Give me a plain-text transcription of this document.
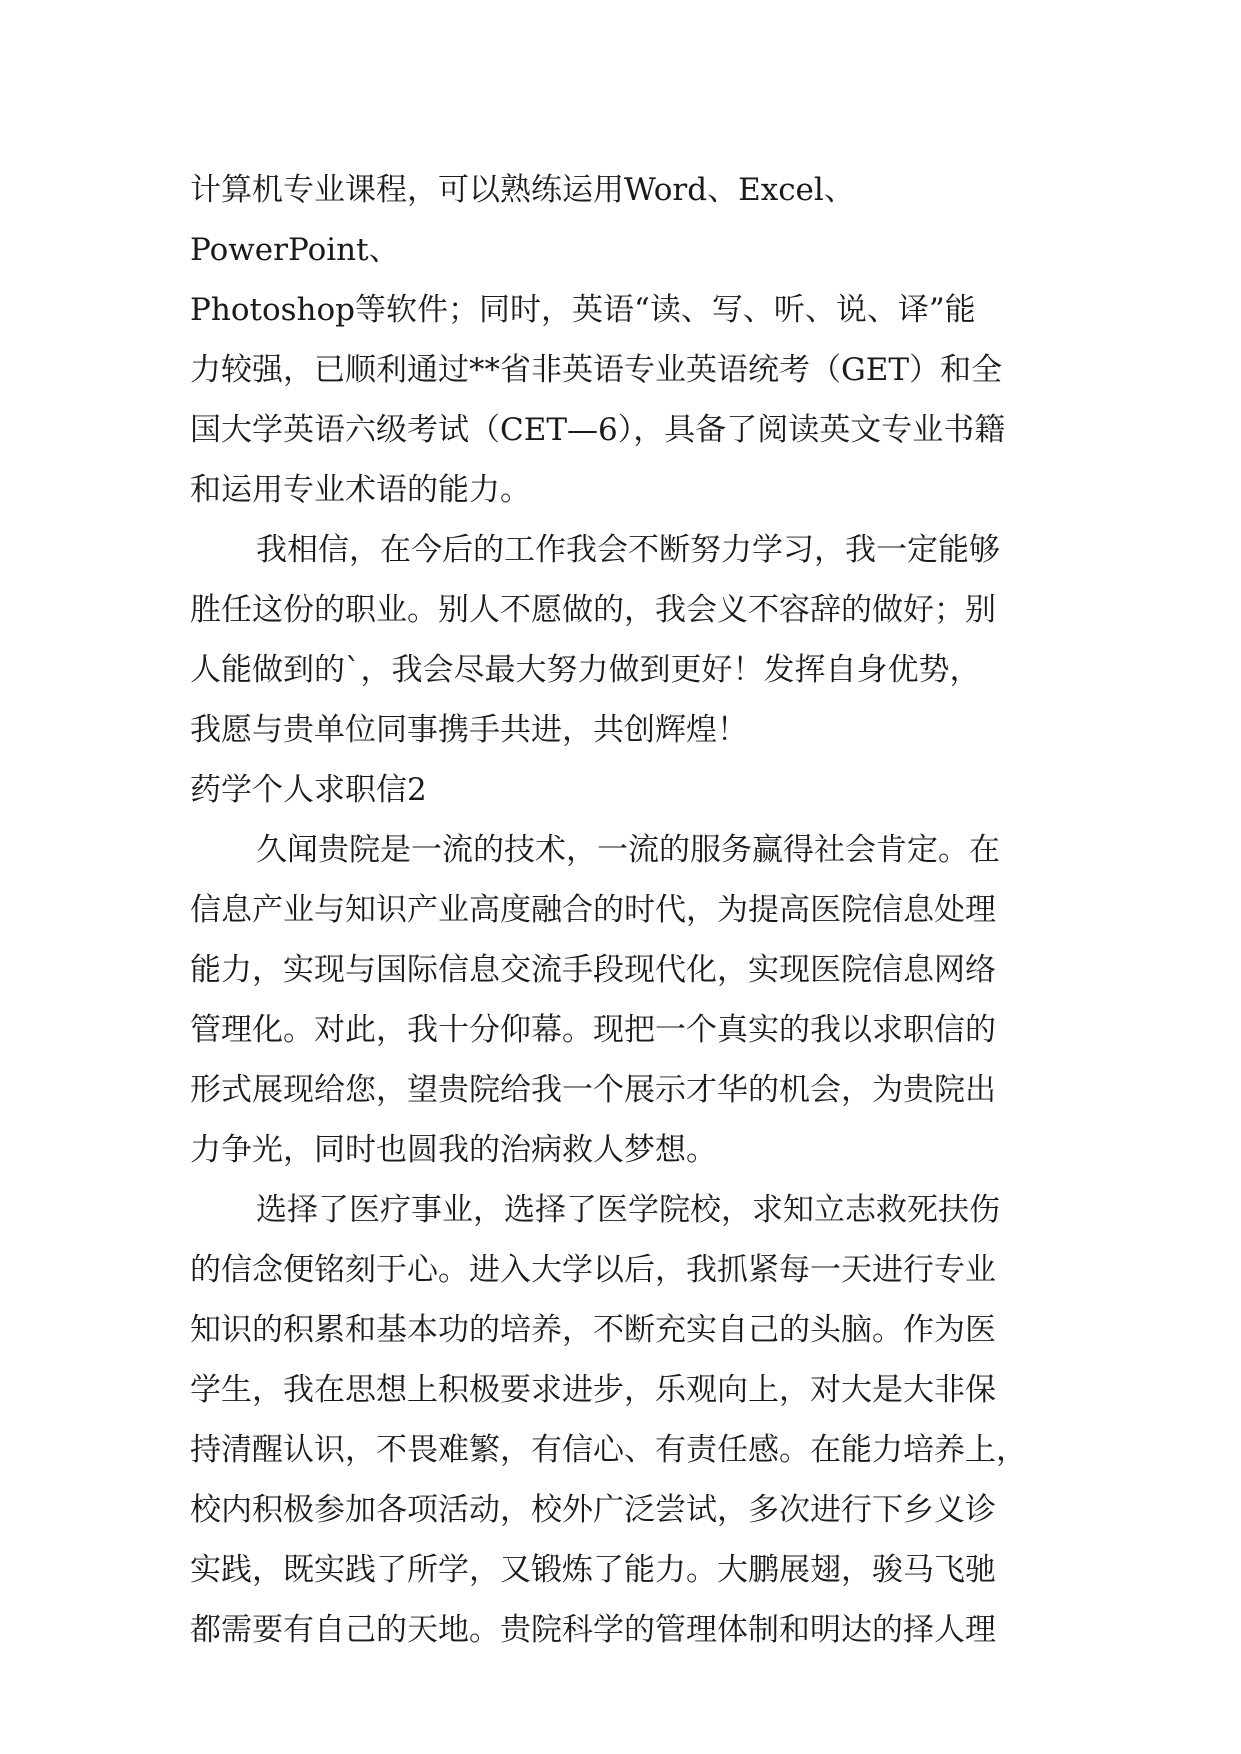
计算机专业课程，可以熟练运用Word、Excel、PowerPoint、
Photoshop等软件；同时，英语“读、写、听、说、译”能
力较强，已顺利通过**省非英语专业英语统考（GET）和全
国大学英语六级考试（CET—6），具备了阅读英文专业书籍
和运用专业术语的能力。

我相信，在今后的工作我会不断努力学习，我一定能够
胜任这份的职业。别人不愿做的，我会义不容辞的做好；别
人能做到的`，我会尽最大努力做到更好！发挥自身优势，
我愿与贵单位同事携手共进，共创辉煌！

药学个人求职信2

久闻贵院是一流的技术，一流的服务赢得社会肯定。在
信息产业与知识产业高度融合的时代，为提高医院信息处理
能力，实现与国际信息交流手段现代化，实现医院信息网络
管理化。对此，我十分仰幕。现把一个真实的我以求职信的
形式展现给您，望贵院给我一个展示才华的机会，为贵院出
力争光，同时也圆我的治病救人梦想。

选择了医疗事业，选择了医学院校，求知立志救死扶伤
的信念便铭刻于心。进入大学以后，我抓紧每一天进行专业
知识的积累和基本功的培养，不断充实自己的头脑。作为医
学生，我在思想上积极要求进步，乐观向上，对大是大非保
持清醒认识，不畏难繁，有信心、有责任感。在能力培养上，
校内积极参加各项活动，校外广泛尝试，多次进行下乡义诊
实践，既实践了所学，又锻炼了能力。大鹏展翅，骏马飞驰
都需要有自己的天地。贵院科学的管理体制和明达的择人理
